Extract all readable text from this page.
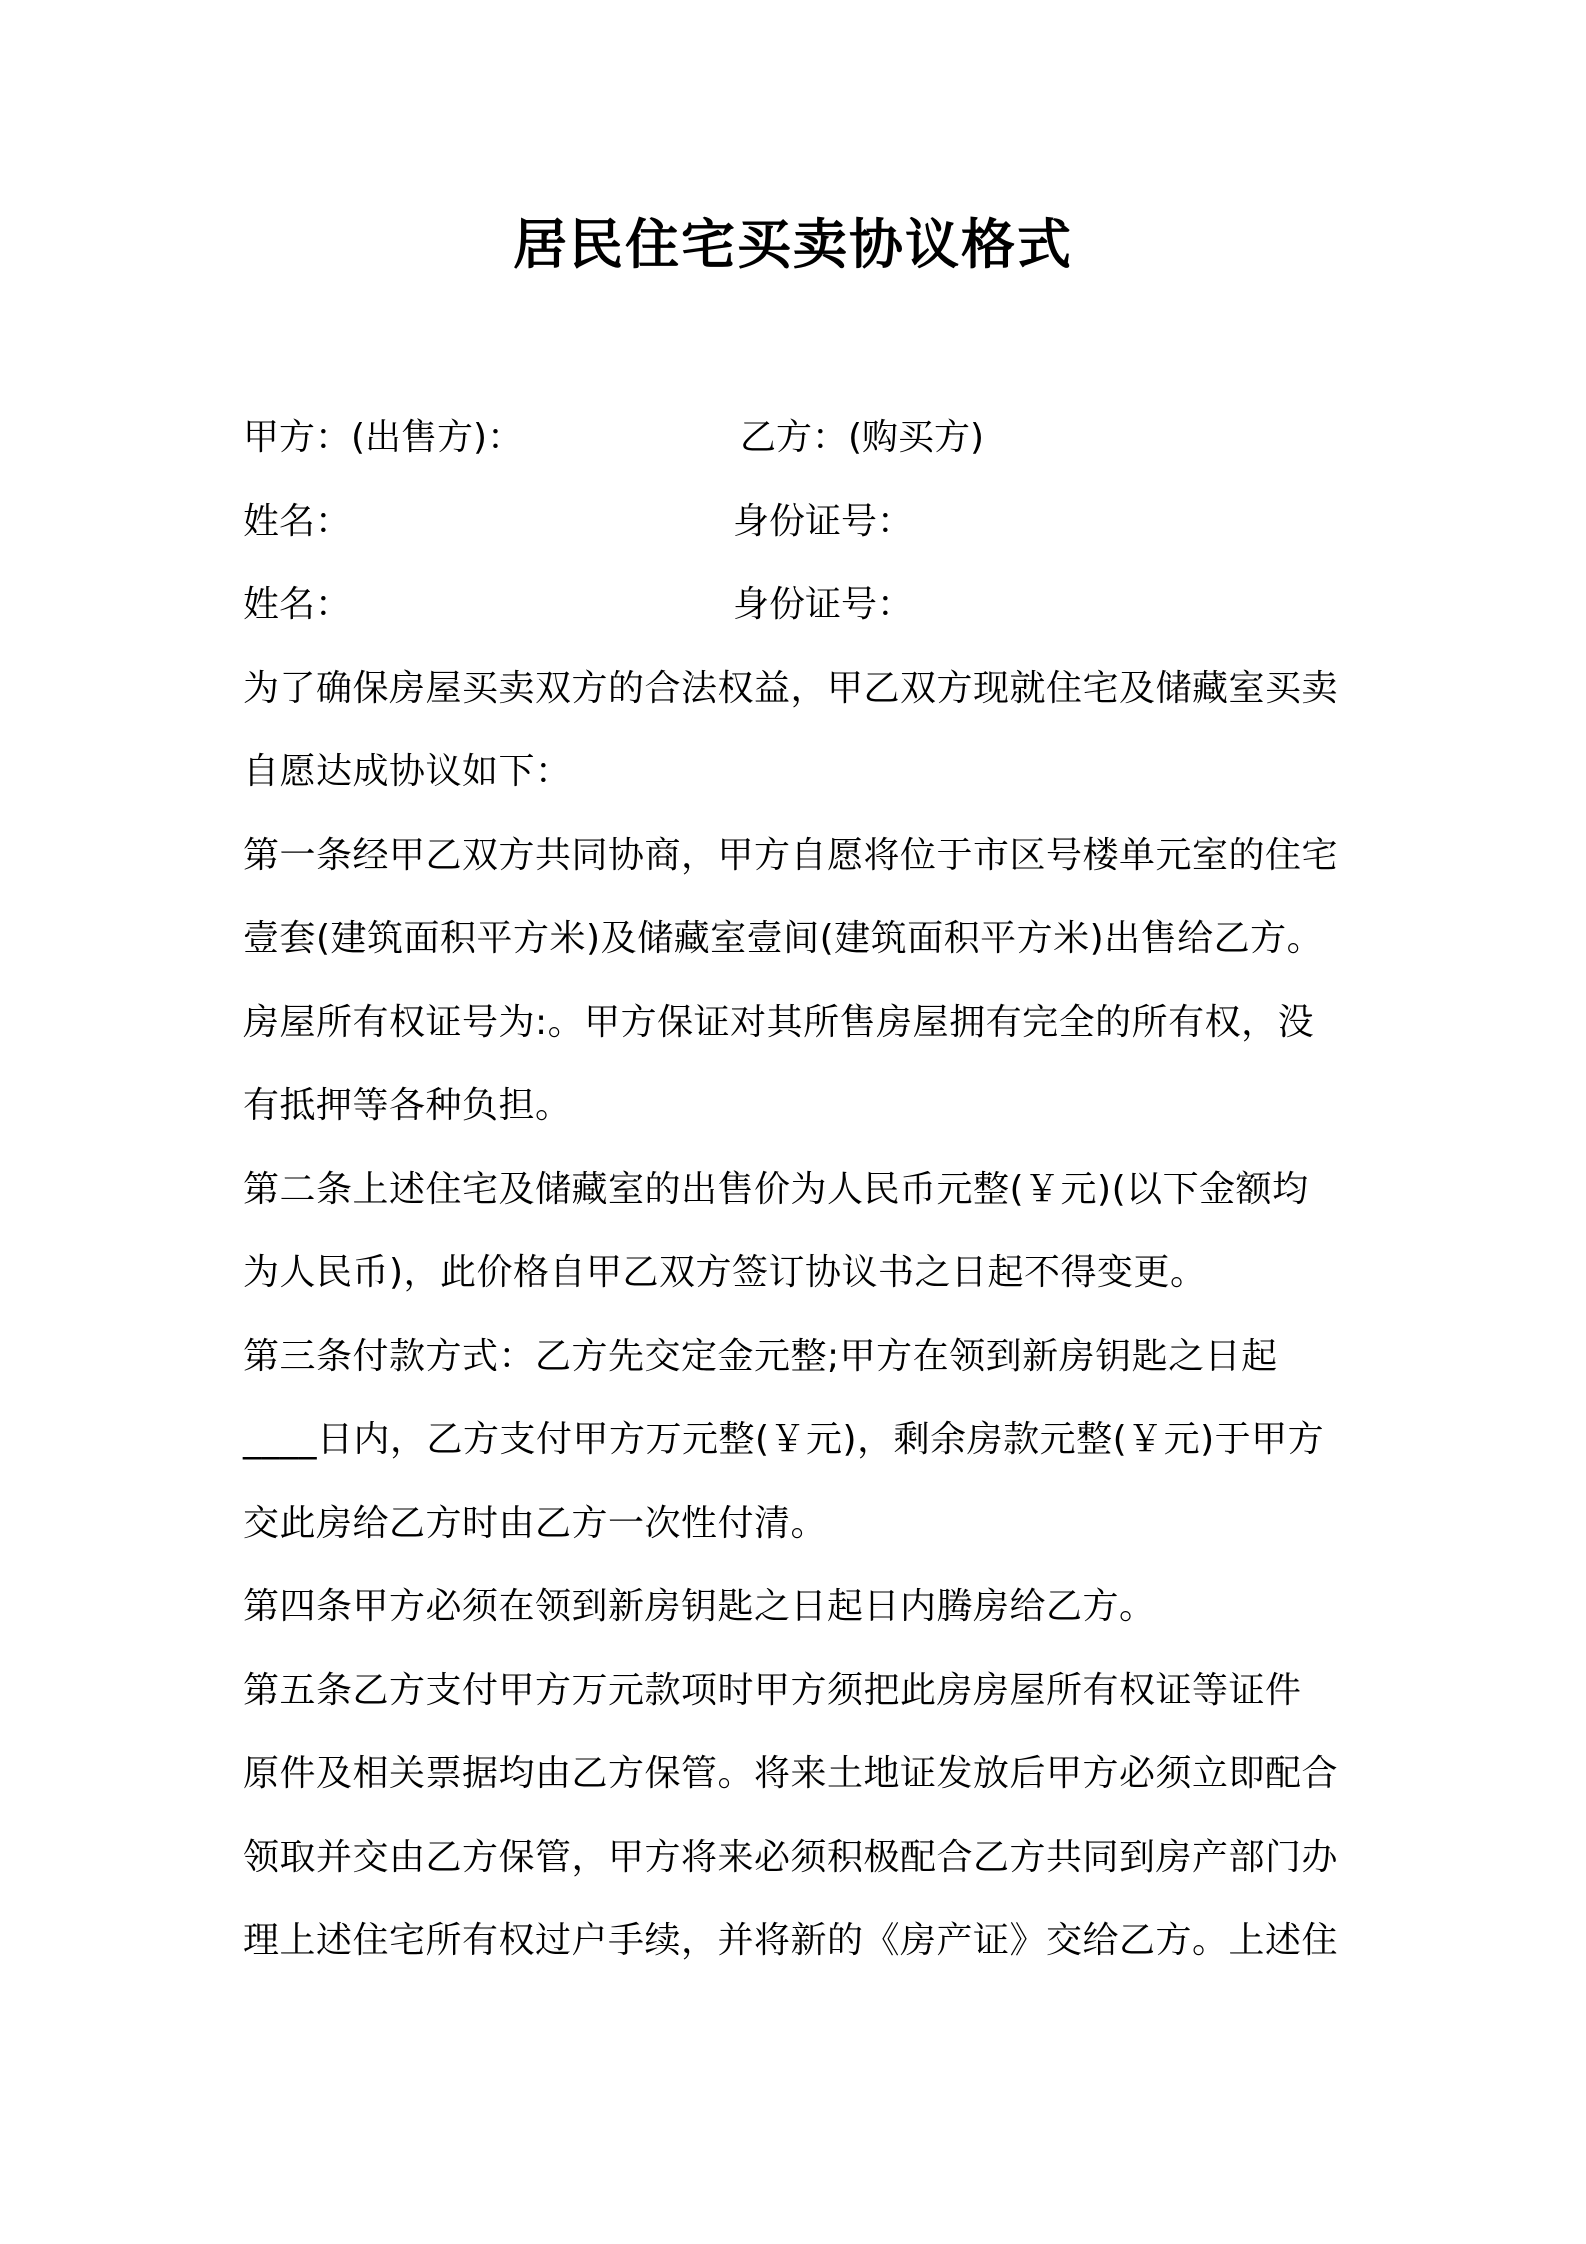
居民住宅买卖协议格式
甲方：(出售方)：	乙方：(购买方)
姓名：	身份证号：
姓名：	身份证号：
为了确保房屋买卖双方的合法权益，甲乙双方现就住宅及储藏室买卖
自愿达成协议如下：
第一条经甲乙双方共同协商，甲方自愿将位于市区号楼单元室的住宅
壹套(建筑面积平方米)及储藏室壹间(建筑面积平方米)出售给乙方。
房屋所有权证号为:。甲方保证对其所售房屋拥有完全的所有权，没
有抵押等各种负担。
第二条上述住宅及储藏室的出售价为人民币元整(￥元)(以下金额均
为人民币)，此价格自甲乙双方签订协议书之日起不得变更。
第三条付款方式：乙方先交定金元整;甲方在领到新房钥匙之日起
____日内，乙方支付甲方万元整(￥元)，剩余房款元整(￥元)于甲方
交此房给乙方时由乙方一次性付清。
第四条甲方必须在领到新房钥匙之日起日内腾房给乙方。
第五条乙方支付甲方万元款项时甲方须把此房房屋所有权证等证件
原件及相关票据均由乙方保管。将来土地证发放后甲方必须立即配合
领取并交由乙方保管，甲方将来必须积极配合乙方共同到房产部门办
理上述住宅所有权过户手续，并将新的《房产证》交给乙方。上述住
